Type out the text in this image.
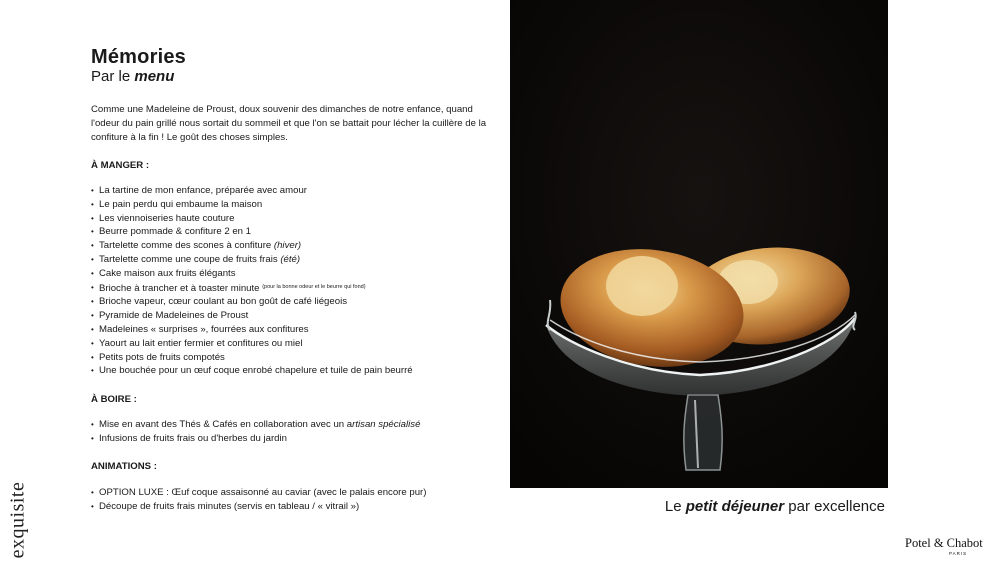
Mémories
Par le menu
Comme une Madeleine de Proust, doux souvenir des dimanches de notre enfance, quand l'odeur du pain grillé nous sortait du sommeil et que l'on se battait pour lécher la cuillère de la confiture à la fin ! Le goût des choses simples.
À MANGER :
• La tartine de mon enfance, préparée avec amour
• Le pain perdu qui embaume la maison
• Les viennoiseries haute couture
• Beurre pommade & confiture 2 en 1
• Tartelette comme des scones à confiture (hiver)
• Tartelette comme une coupe de fruits frais (été)
• Cake maison aux fruits élégants
• Brioche à trancher et à toaster minute $^{(pour la bonne odeur et le beurre qui fond)}$
• Brioche vapeur, cœur coulant au bon goût de café liégeois
• Pyramide de Madeleines de Proust
• Madeleines « surprises », fourrées aux confitures
• Yaourt au lait entier fermier et confitures ou miel
• Petits pots de fruits compotés
• Une bouchée pour un œuf coque enrobé chapelure et tuile de pain beurré
À BOIRE :
• Mise en avant des Thés & Cafés en collaboration avec un artisan spécialisé
• Infusions de fruits frais ou d'herbes du jardin
ANIMATIONS :
• OPTION LUXE : Œuf coque assaisonné au caviar (avec le palais encore pur)
• Découpe de fruits frais minutes (servis en tableau / « vitrail »)	Le petit déjeuner par excellence
exquisite	Potel & Chabot
PARIS
